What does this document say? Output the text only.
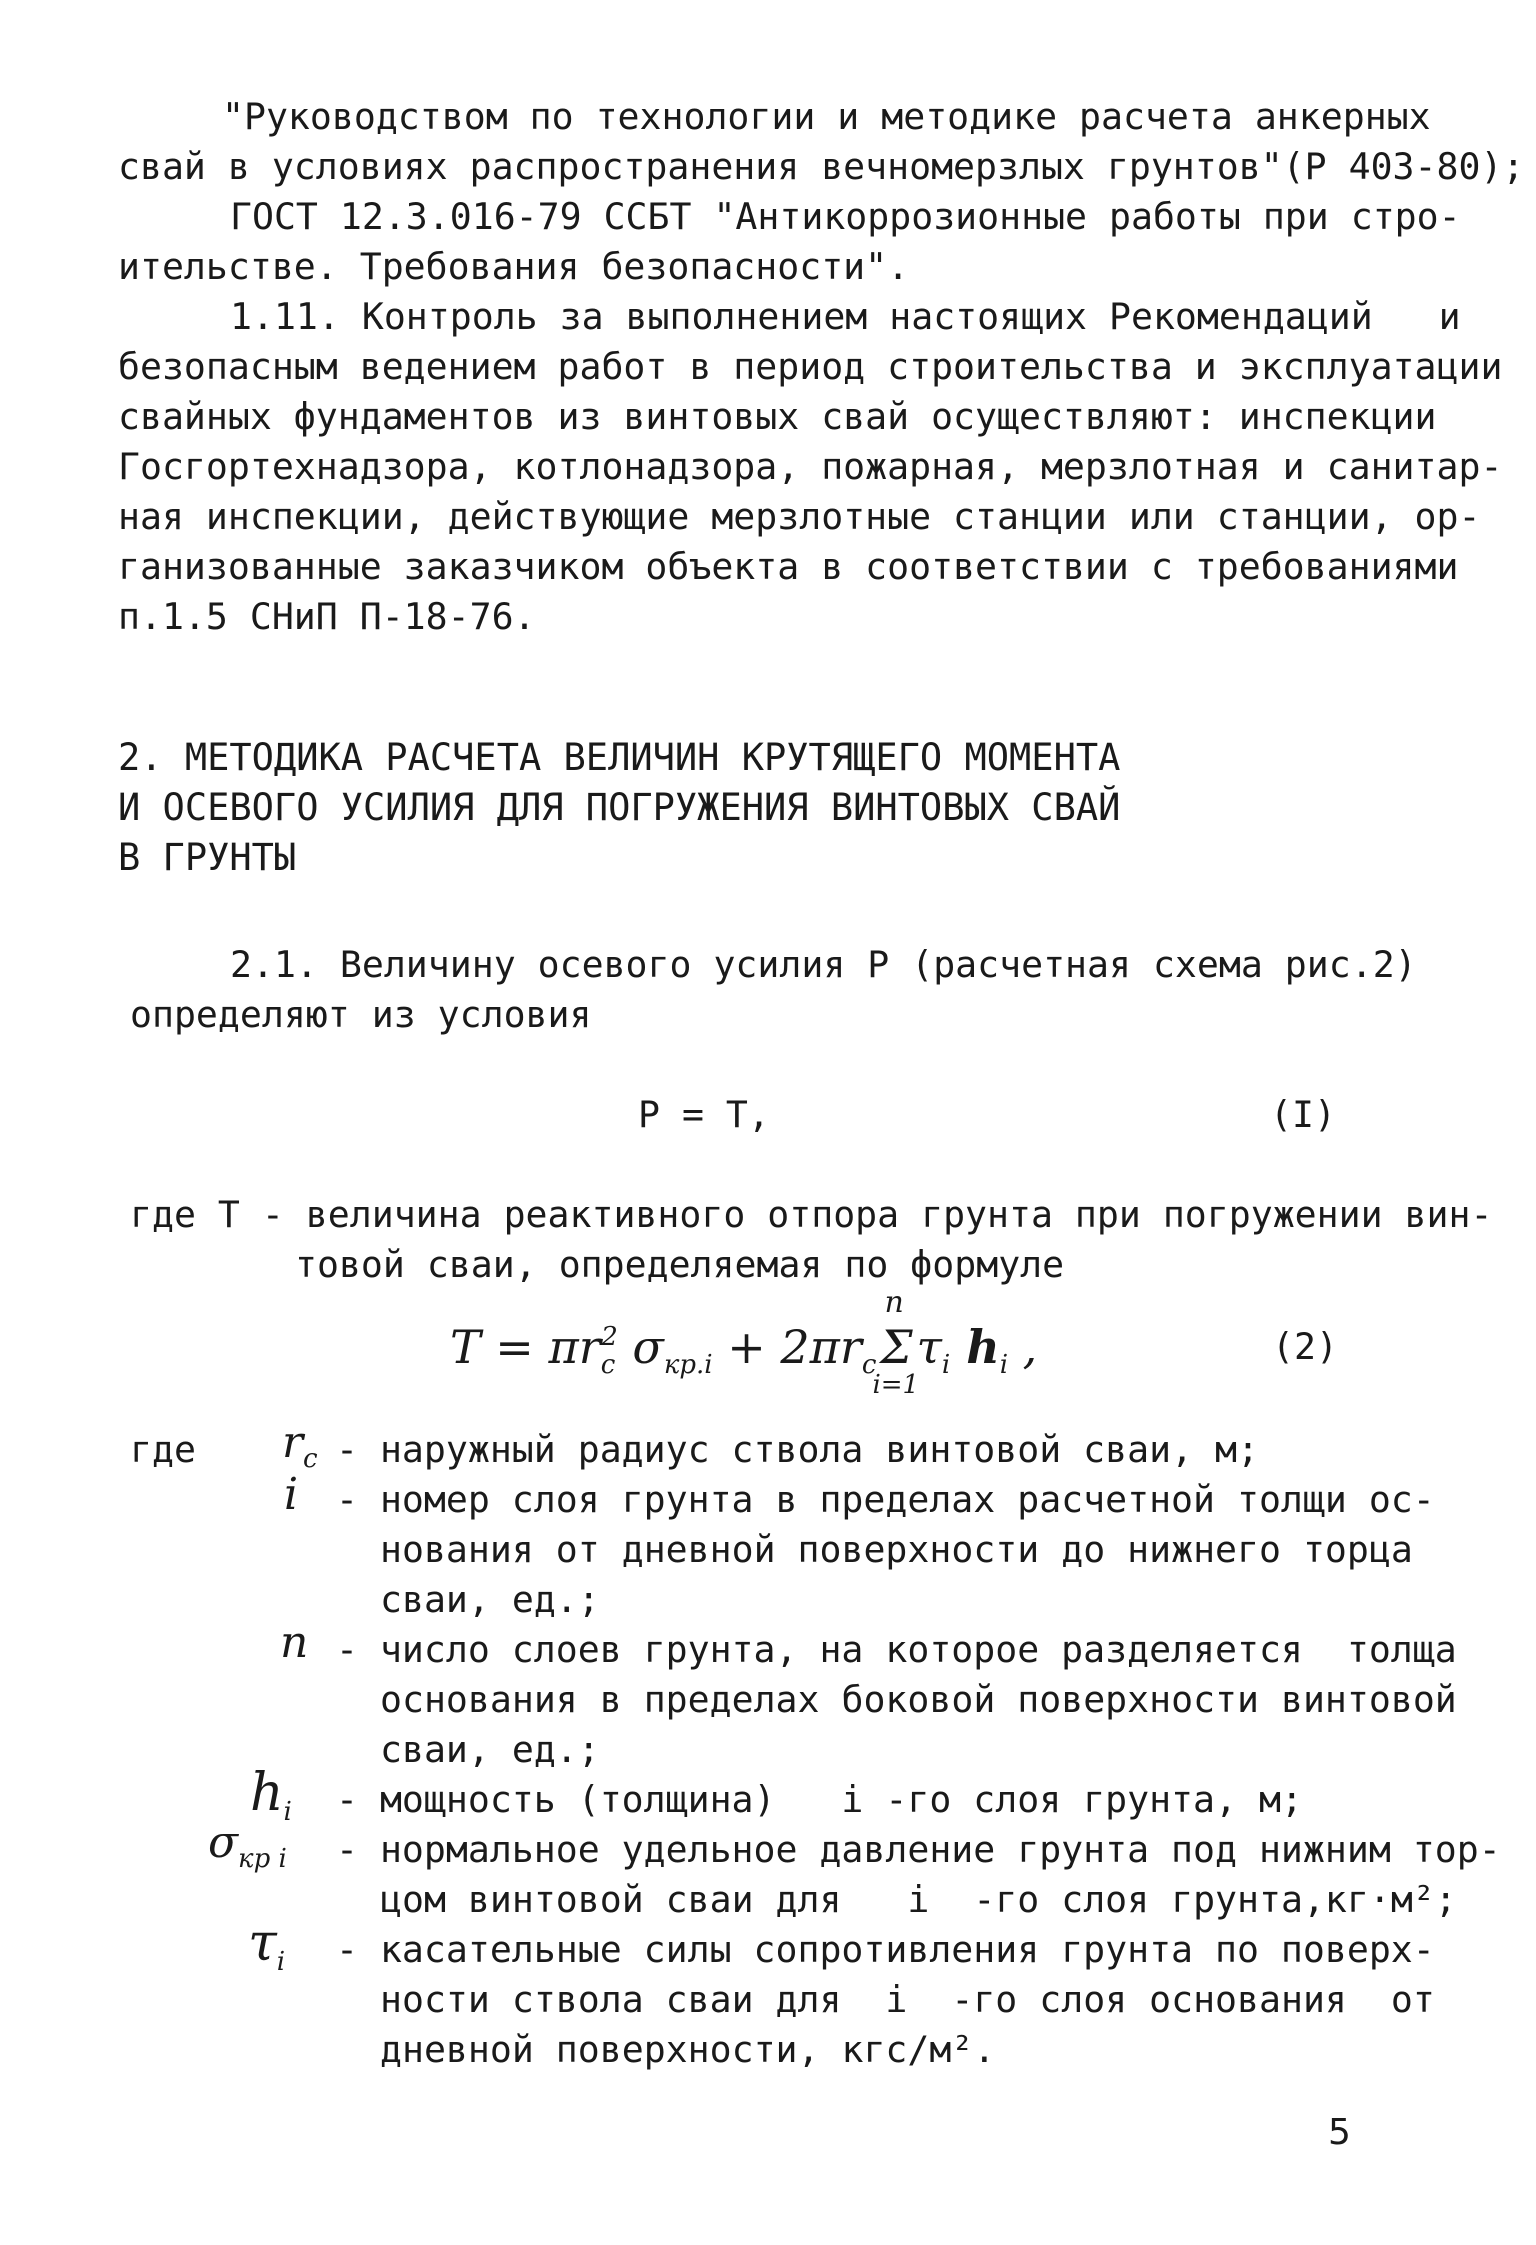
"Руководством по технологии и методике расчета анкерных
свай в условиях распространения вечномерзлых грунтов"(Р 403-80);
ГОСТ 12.3.016-79 ССБТ "Антикоррозионные работы при стро-
ительстве. Требования безопасности".
1.11. Контроль за выполнением настоящих Рекомендаций   и
безопасным ведением работ в период строительства и эксплуатации
свайных фундаментов из винтовых свай осуществляют: инспекции
Госгортехнадзора, котлонадзора, пожарная, мерзлотная и санитар-
ная инспекции, действующие мерзлотные станции или станции, ор-
ганизованные заказчиком объекта в соответствии с требованиями
п.1.5 СНиП П-18-76.
2. МЕТОДИКА РАСЧЕТА ВЕЛИЧИН КРУТЯЩЕГО МОМЕНТА
И ОСЕВОГО УСИЛИЯ ДЛЯ ПОГРУЖЕНИЯ ВИНТОВЫХ СВАЙ
В ГРУНТЫ
2.1. Величину осевого усилия Р (расчетная схема рис.2)
определяют из условия
P = T,	(I)
где Т - величина реактивного отпора грунта при погружении вин-
товой сваи, определяемая по формуле
$T = \pi r_c^2$ $\sigma_{кр.i} + 2\pi r_c$
n
Σ
i=1
$\tau_i$ $h_i$ ,	(2)
где $r_c$ - наружный радиус ствола винтовой сваи, м;
i - номер слоя грунта в пределах расчетной толщи ос-
нования от дневной поверхности до нижнего торца
сваи, ед.;
n - число слоев грунта, на которое разделяется  толща
основания в пределах боковой поверхности винтовой
сваи, ед.;
$h_i$ - мощность (толщина)   i -го слоя грунта, м;
$\sigma_{кр i}$ - нормальное удельное давление грунта под нижним тор-
цом винтовой сваи для   i  -го слоя грунта,кг·м²;
$\tau_i$ - касательные силы сопротивления грунта по поверх-
ности ствола сваи для  i  -го слоя основания  от
дневной поверхности, кгс/м².
5
